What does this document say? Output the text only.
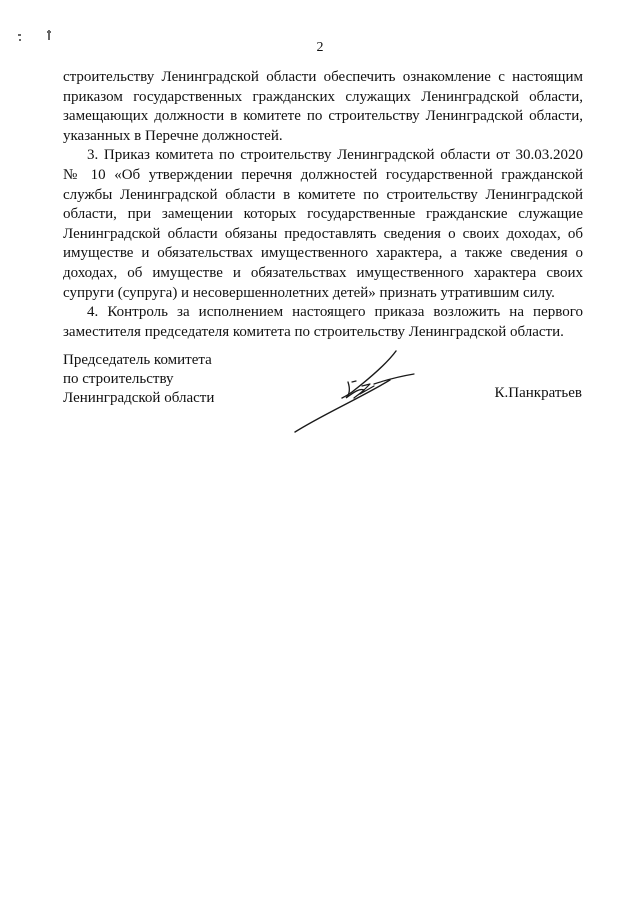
2

строительству Ленинградской области обеспечить ознакомление с настоящим приказом государственных гражданских служащих Ленинградской области, замещающих должности в комитете по строительству Ленинградской области, указанных в Перечне должностей.

3. Приказ комитета по строительству Ленинградской области от 30.03.2020 № 10 «Об утверждении перечня должностей государственной гражданской службы Ленинградской области в комитете по строительству Ленинградской области, при замещении которых государственные гражданские служащие Ленинградской области обязаны предоставлять сведения о своих доходах, об имуществе и обязательствах имущественного характера, а также сведения о доходах, об имуществе и обязательствах имущественного характера своих супруги (супруга) и несовершеннолетних детей» признать утратившим силу.

4. Контроль за исполнением настоящего приказа возложить на первого заместителя председателя комитета по строительству Ленинградской области.

Председатель комитета
по строительству
Ленинградской области	К.Панкратьев
